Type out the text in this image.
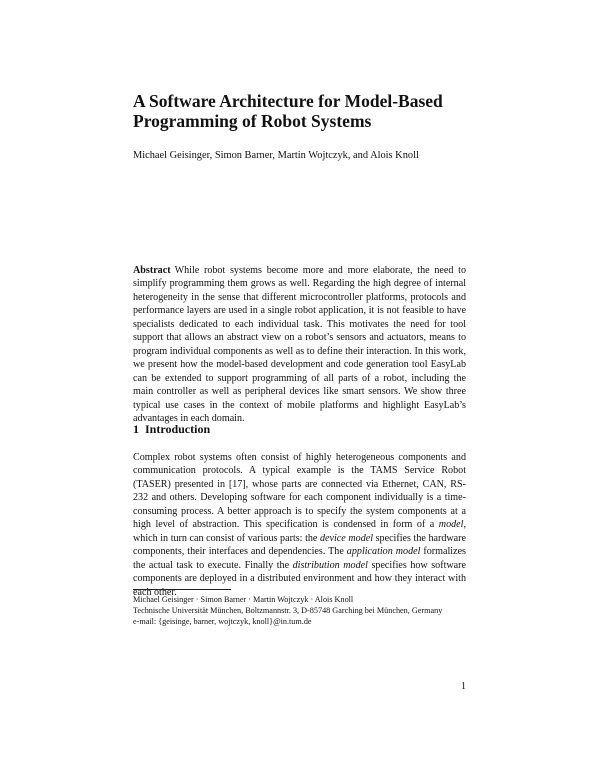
A Software Architecture for Model-Based
Programming of Robot Systems

Michael Geisinger, Simon Barner, Martin Wojtczyk, and Alois Knoll

Abstract While robot systems become more and more elaborate, the need to simplify programming them grows as well. Regarding the high degree of internal heterogeneity in the sense that different microcontroller platforms, protocols and performance layers are used in a single robot application, it is not feasible to have specialists dedicated to each individual task. This motivates the need for tool support that allows an abstract view on a robot’s sensors and actuators, means to program individual components as well as to define their interaction. In this work, we present how the model-based development and code generation tool EasyLab can be extended to support programming of all parts of a robot, including the main controller as well as peripheral devices like smart sensors. We show three typical use cases in the context of mobile platforms and highlight EasyLab’s advantages in each domain.

1 Introduction

Complex robot systems often consist of highly heterogeneous components and communication protocols. A typical example is the TAMS Service Robot (TASER) presented in [17], whose parts are connected via Ethernet, CAN, RS-232 and others. Developing software for each component individually is a time-consuming process. A better approach is to specify the system components at a high level of abstraction. This specification is condensed in form of a model, which in turn can consist of various parts: the device model specifies the hardware components, their interfaces and dependencies. The application model formalizes the actual task to execute. Finally the distribution model specifies how software components are deployed in a distributed environment and how they interact with each other.

Michael Geisinger · Simon Barner · Martin Wojtczyk · Alois Knoll
Technische Universität München, Boltzmannstr. 3, D-85748 Garching bei München, Germany
e-mail: {geisinge, barner, wojtczyk, knoll}@in.tum.de
1
